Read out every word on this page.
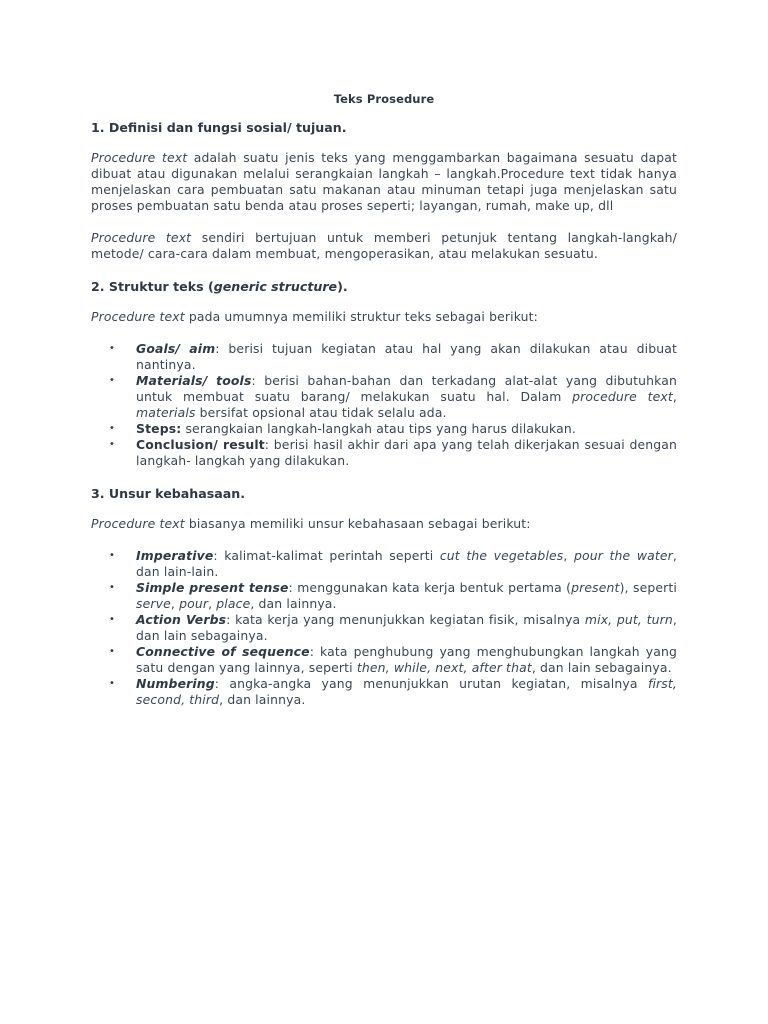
Teks Prosedure
1. Definisi dan fungsi sosial/ tujuan.

Procedure text adalah suatu jenis teks yang menggambarkan bagaimana sesuatu dapat dibuat atau digunakan melalui serangkaian langkah – langkah.Procedure text tidak hanya menjelaskan cara pembuatan satu makanan atau minuman tetapi juga menjelaskan satu proses pembuatan satu benda atau proses seperti; layangan, rumah, make up, dll

Procedure text sendiri bertujuan untuk memberi petunjuk tentang langkah-langkah/ metode/ cara-cara dalam membuat, mengoperasikan, atau melakukan sesuatu.

2. Struktur teks (generic structure).

Procedure text pada umumnya memiliki struktur teks sebagai berikut:

• Goals/ aim: berisi tujuan kegiatan atau hal yang akan dilakukan atau dibuat nantinya.
• Materials/ tools: berisi bahan-bahan dan terkadang alat-alat yang dibutuhkan untuk membuat suatu barang/ melakukan suatu hal. Dalam procedure text, materials bersifat opsional atau tidak selalu ada.
• Steps: serangkaian langkah-langkah atau tips yang harus dilakukan.
• Conclusion/ result: berisi hasil akhir dari apa yang telah dikerjakan sesuai dengan langkah- langkah yang dilakukan.
3. Unsur kebahasaan.

Procedure text biasanya memiliki unsur kebahasaan sebagai berikut:

• Imperative: kalimat-kalimat perintah seperti cut the vegetables, pour the water, dan lain-lain.
• Simple present tense: menggunakan kata kerja bentuk pertama (present), seperti serve, pour, place, dan lainnya.
• Action Verbs: kata kerja yang menunjukkan kegiatan fisik, misalnya mix, put, turn, dan lain sebagainya.
• Connective of sequence: kata penghubung yang menghubungkan langkah yang satu dengan yang lainnya, seperti then, while, next, after that, dan lain sebagainya.
• Numbering: angka-angka yang menunjukkan urutan kegiatan, misalnya first, second, third, dan lainnya.
